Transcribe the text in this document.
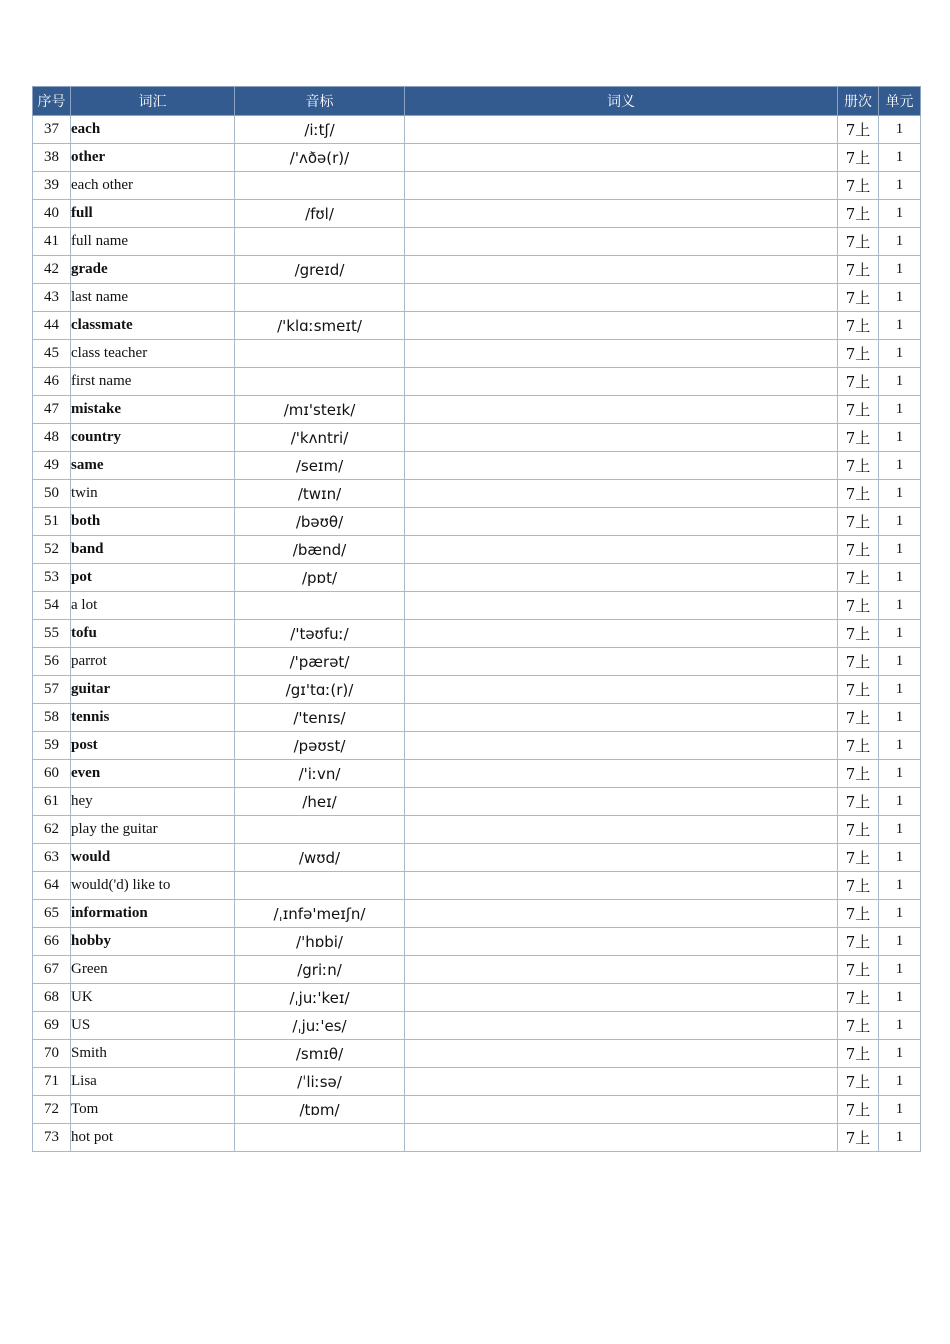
序号	词汇	音标	词义	册次	单元
37	each	/iːtʃ/		7上	1
38	other	/'ʌðə(r)/		7上	1
39	each other			7上	1
40	full	/fʊl/		7上	1
41	full name			7上	1
42	grade	/greɪd/		7上	1
43	last name			7上	1
44	classmate	/'klɑːsmeɪt/		7上	1
45	class teacher			7上	1
46	first name			7上	1
47	mistake	/mɪ'steɪk/		7上	1
48	country	/'kʌntri/		7上	1
49	same	/seɪm/		7上	1
50	twin	/twɪn/		7上	1
51	both	/bəʊθ/		7上	1
52	band	/bænd/		7上	1
53	pot	/pɒt/		7上	1
54	a lot			7上	1
55	tofu	/'təʊfuː/		7上	1
56	parrot	/'pærət/		7上	1
57	guitar	/gɪ'tɑː(r)/		7上	1
58	tennis	/'tenɪs/		7上	1
59	post	/pəʊst/		7上	1
60	even	/'iːvn/		7上	1
61	hey	/heɪ/		7上	1
62	play the guitar			7上	1
63	would	/wʊd/		7上	1
64	would('d) like to			7上	1
65	information	/ˌɪnfə'meɪʃn/		7上	1
66	hobby	/'hɒbi/		7上	1
67	Green	/griːn/		7上	1
68	UK	/ˌjuː'keɪ/		7上	1
69	US	/ˌjuː'es/		7上	1
70	Smith	/smɪθ/		7上	1
71	Lisa	/ˈliːsə/		7上	1
72	Tom	/tɒm/		7上	1
73	hot pot			7上	1
